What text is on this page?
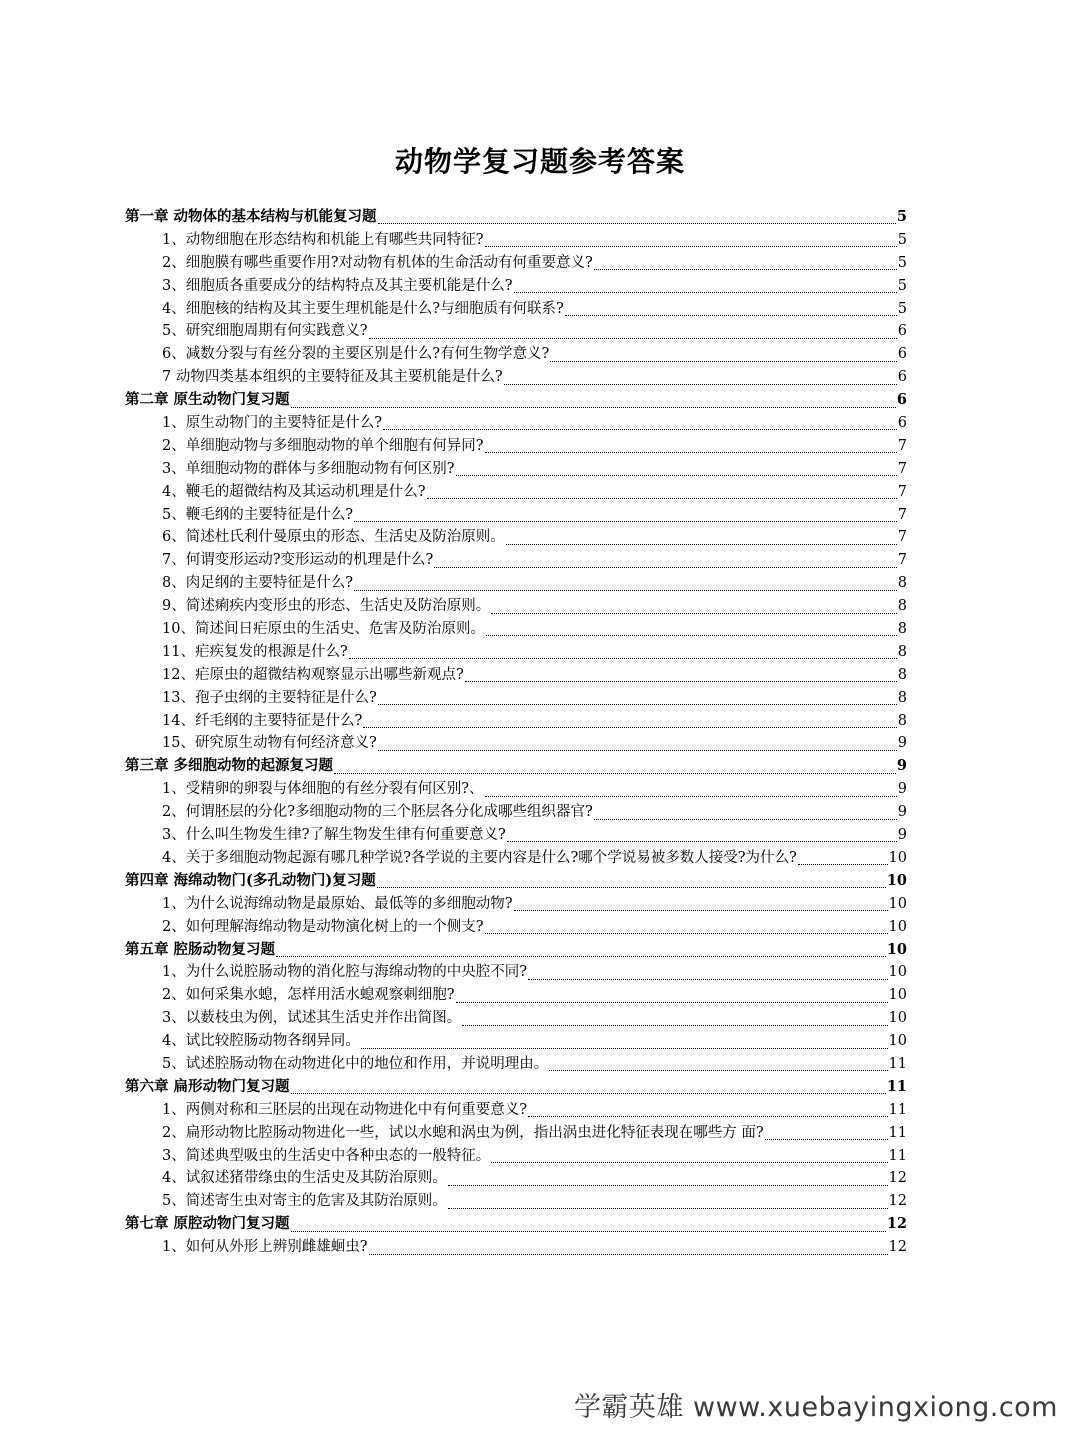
动物学复习题参考答案
第一章 动物体的基本结构与机能复习题	5
1、动物细胞在形态结构和机能上有哪些共同特征?	5
2、细胞膜有哪些重要作用?对动物有机体的生命活动有何重要意义?	5
3、细胞质各重要成分的结构特点及其主要机能是什么?	5
4、细胞核的结构及其主要生理机能是什么?与细胞质有何联系?	5
5、研究细胞周期有何实践意义?	6
6、减数分裂与有丝分裂的主要区别是什么?有何生物学意义?	6
7 动物四类基本组织的主要特征及其主要机能是什么?	6
第二章 原生动物门复习题	6
1、原生动物门的主要特征是什么?	6
2、单细胞动物与多细胞动物的单个细胞有何异同?	7
3、单细胞动物的群体与多细胞动物有何区别?	7
4、鞭毛的超微结构及其运动机理是什么?	7
5、鞭毛纲的主要特征是什么?	7
6、简述杜氏利什曼原虫的形态、生活史及防治原则。	7
7、何谓变形运动?变形运动的机理是什么?	7
8、肉足纲的主要特征是什么?	8
9、简述痢疾内变形虫的形态、生活史及防治原则。	8
10、简述间日疟原虫的生活史、危害及防治原则。	8
11、疟疾复发的根源是什么?	8
12、疟原虫的超微结构观察显示出哪些新观点?	8
13、孢子虫纲的主要特征是什么?	8
14、纤毛纲的主要特征是什么?	8
15、研究原生动物有何经济意义?	9
第三章 多细胞动物的起源复习题	9
1、受精卵的卵裂与体细胞的有丝分裂有何区别?、	9
2、何谓胚层的分化?多细胞动物的三个胚层各分化成哪些组织器官?	9
3、什么叫生物发生律?了解生物发生律有何重要意义?	9
4、关于多细胞动物起源有哪几种学说?各学说的主要内容是什么?哪个学说易被多数人接受?为什么?	10
第四章 海绵动物门(多孔动物门)复习题	10
1、为什么说海绵动物是最原始、最低等的多细胞动物?	10
2、如何理解海绵动物是动物演化树上的一个侧支?	10
第五章 腔肠动物复习题	10
1、为什么说腔肠动物的消化腔与海绵动物的中央腔不同?	10
2、如何采集水螅，怎样用活水螅观察刺细胞?	10
3、以薮枝虫为例，试述其生活史并作出简图。	10
4、试比较腔肠动物各纲异同。	10
5、试述腔肠动物在动物进化中的地位和作用，并说明理由。	11
第六章 扁形动物门复习题	11
1、两侧对称和三胚层的出现在动物进化中有何重要意义?	11
2、扁形动物比腔肠动物进化一些，试以水螅和涡虫为例，指出涡虫进化特征表现在哪些方 面?	11
3、简述典型吸虫的生活史中各种虫态的一般特征。	11
4、试叙述猪带绦虫的生活史及其防治原则。	12
5、简述寄生虫对寄主的危害及其防治原则。	12
第七章 原腔动物门复习题	12
1、如何从外形上辨别雌雄蛔虫?	12
学霸英雄 www.xuebayingxiong.com
